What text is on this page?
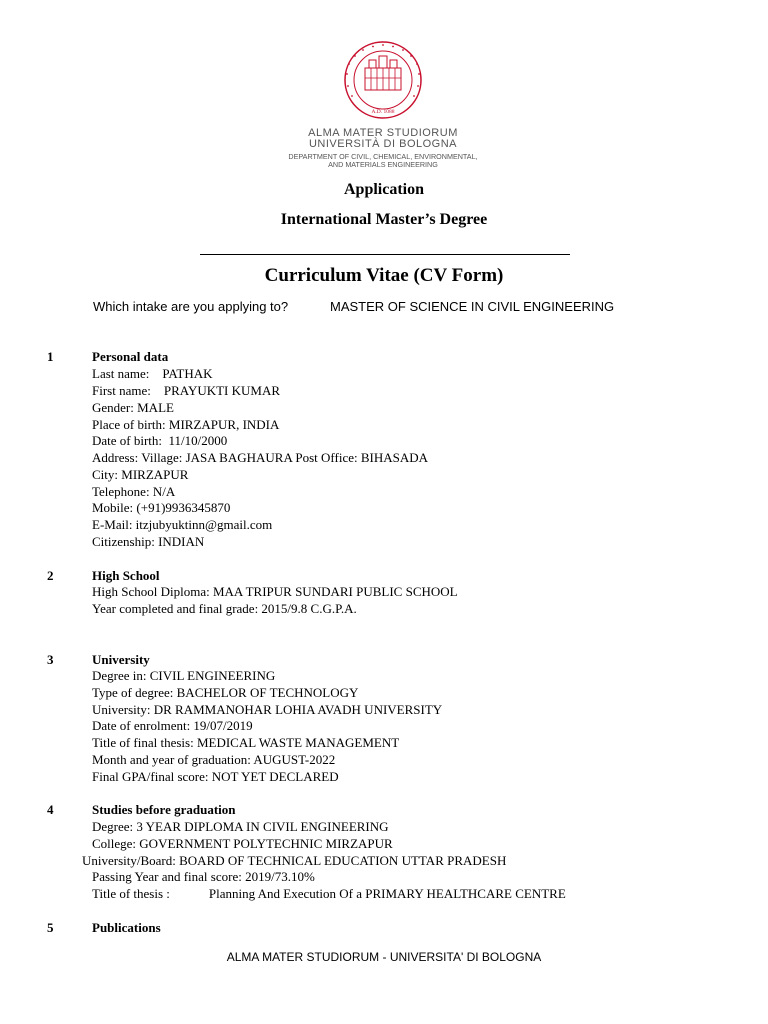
A.D. 1088
ALMA MATER STUDIORUM
UNIVERSITÀ DI BOLOGNA
DEPARTMENT OF CIVIL, CHEMICAL, ENVIRONMENTAL,
AND MATERIALS ENGINEERING
Application
International Master’s Degree
Curriculum Vitae (CV Form)
Which intake are you applying to?	MASTER OF SCIENCE IN CIVIL ENGINEERING
1	Personal data
Last name:    PATHAK
First name:    PRAYUKTI KUMAR
Gender: MALE
Place of birth: MIRZAPUR, INDIA
Date of birth:  11/10/2000
Address: Village: JASA BAGHAURA Post Office: BIHASADA
City: MIRZAPUR
Telephone: N/A
Mobile: (+91)9936345870
E-Mail: itzjubyuktinn@gmail.com
Citizenship: INDIAN
2	High School
High School Diploma: MAA TRIPUR SUNDARI PUBLIC SCHOOL
Year completed and final grade: 2015/9.8 C.G.P.A.
3	University
Degree in: CIVIL ENGINEERING
Type of degree: BACHELOR OF TECHNOLOGY
University: DR RAMMANOHAR LOHIA AVADH UNIVERSITY
Date of enrolment: 19/07/2019
Title of final thesis: MEDICAL WASTE MANAGEMENT
Month and year of graduation: AUGUST-2022
Final GPA/final score: NOT YET DECLARED
4	Studies before graduation
Degree: 3 YEAR DIPLOMA IN CIVIL ENGINEERING
College: GOVERNMENT POLYTECHNIC MIRZAPUR
University/Board: BOARD OF TECHNICAL EDUCATION UTTAR PRADESH
Passing Year and final score: 2019/73.10%
Title of thesis :            Planning And Execution Of a PRIMARY HEALTHCARE CENTRE
5	Publications
ALMA MATER STUDIORUM - UNIVERSITA' DI BOLOGNA
